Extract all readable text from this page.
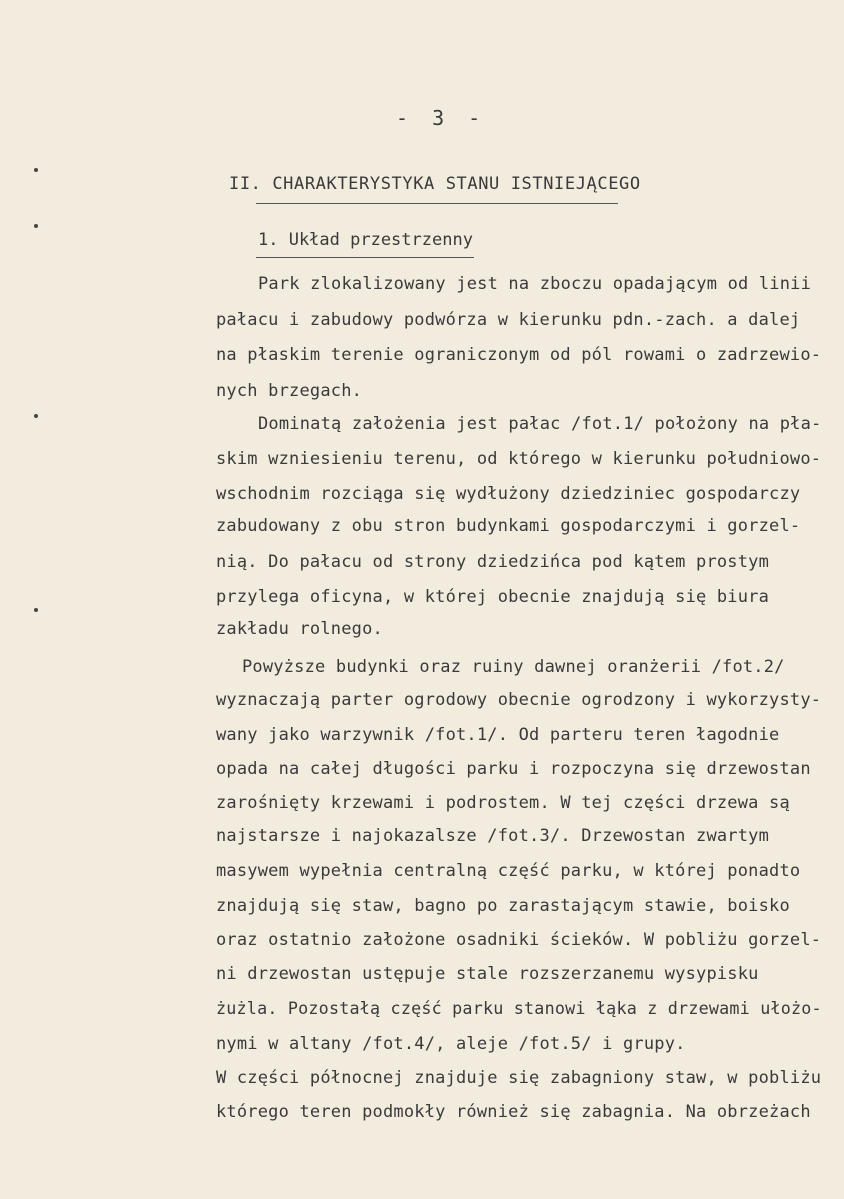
- 3 -
II. CHARAKTERYSTYKA STANU ISTNIEJĄCEGO
1. Układ przestrzenny
Park zlokalizowany jest na zboczu opadającym od linii
pałacu i zabudowy podwórza w kierunku pdn.-zach. a dalej
na płaskim terenie ograniczonym od pól rowami o zadrzewio-
nych brzegach.
Dominatą założenia jest pałac /fot.1/ położony na pła-
skim wzniesieniu terenu, od którego w kierunku południowo-
wschodnim rozciąga się wydłużony dziedziniec gospodarczy
zabudowany z obu stron budynkami gospodarczymi i gorzel-
nią. Do pałacu od strony dziedzińca pod kątem prostym
przylega oficyna, w której obecnie znajdują się biura
zakładu rolnego.
Powyższe budynki oraz ruiny dawnej oranżerii /fot.2/
wyznaczają parter ogrodowy obecnie ogrodzony i wykorzysty-
wany jako warzywnik /fot.1/. Od parteru teren łagodnie
opada na całej długości parku i rozpoczyna się drzewostan
zarośnięty krzewami i podrostem. W tej części drzewa są
najstarsze i najokazalsze /fot.3/. Drzewostan zwartym
masywem wypełnia centralną część parku, w której ponadto
znajdują się staw, bagno po zarastającym stawie, boisko
oraz ostatnio założone osadniki ścieków. W pobliżu gorzel-
ni drzewostan ustępuje stale rozszerzanemu wysypisku
żużla. Pozostałą część parku stanowi łąka z drzewami ułożo-
nymi w altany /fot.4/, aleje /fot.5/ i grupy.
W części północnej znajduje się zabagniony staw, w pobliżu
którego teren podmokły również się zabagnia. Na obrzeżach
